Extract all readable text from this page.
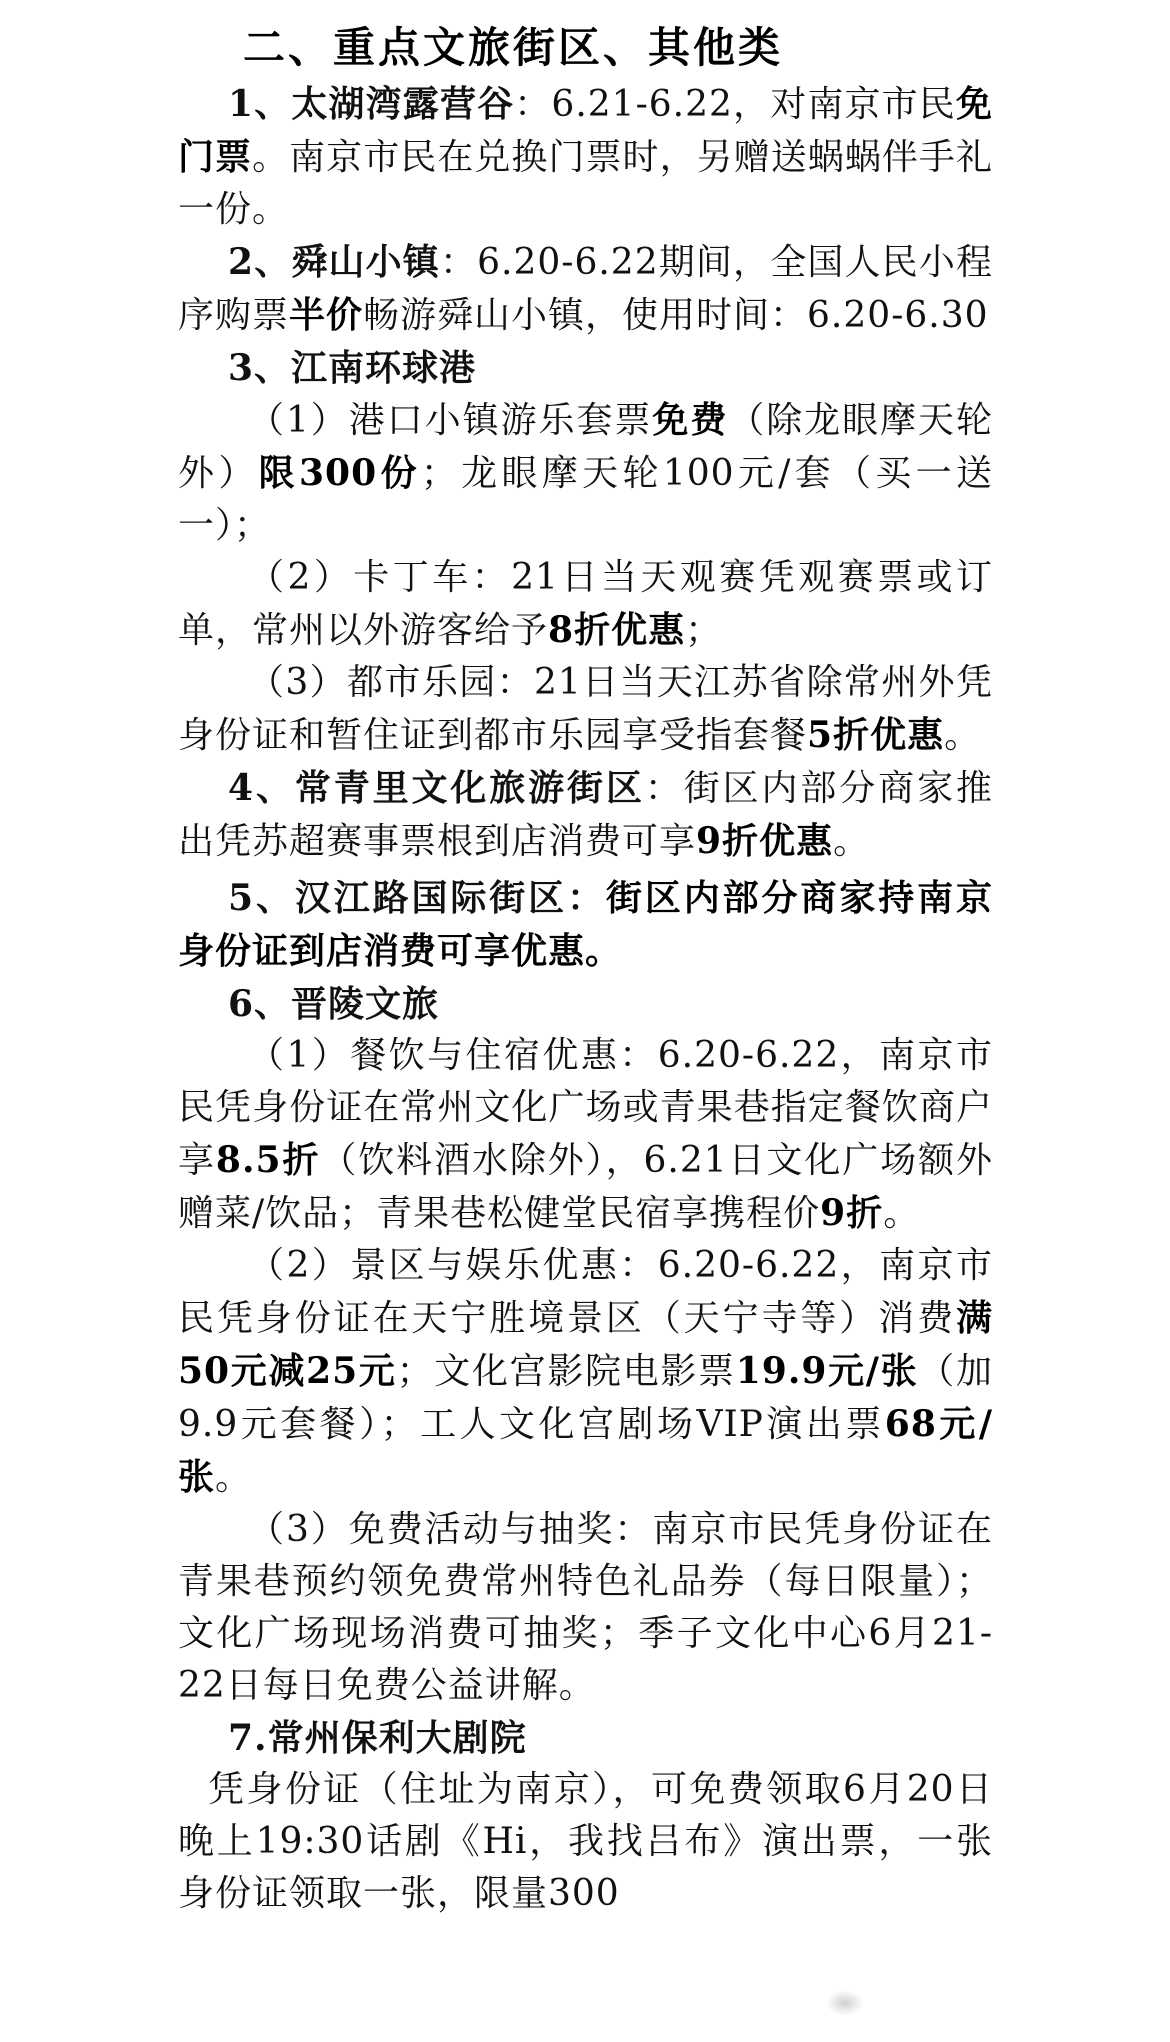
二、重点文旅街区、其他类

1、太湖湾露营谷：6.21-6.22，对南京市民免门票。南京市民在兑换门票时，另赠送蜗蜗伴手礼一份。

2、舜山小镇：6.20-6.22期间，全国人民小程序购票半价畅游舜山小镇，使用时间：6.20-6.30

3、江南环球港

（1）港口小镇游乐套票免费（除龙眼摩天轮外）限300份；龙眼摩天轮100元/套（买一送一）；

（2）卡丁车：21日当天观赛凭观赛票或订单，常州以外游客给予8折优惠；

（3）都市乐园：21日当天江苏省除常州外凭身份证和暂住证到都市乐园享受指套餐5折优惠。

4、常青里文化旅游街区：街区内部分商家推出凭苏超赛事票根到店消费可享9折优惠。

5、汉江路国际街区：街区内部分商家持南京身份证到店消费可享优惠。

6、晋陵文旅

（1）餐饮与住宿优惠：6.20-6.22，南京市民凭身份证在常州文化广场或青果巷指定餐饮商户享8.5折（饮料酒水除外），6.21日文化广场额外赠菜/饮品；青果巷松健堂民宿享携程价9折。

（2）景区与娱乐优惠：6.20-6.22，南京市民凭身份证在天宁胜境景区（天宁寺等）消费满50元减25元；文化宫影院电影票19.9元/张（加9.9元套餐）；工人文化宫剧场VIP演出票68元/张。

（3）免费活动与抽奖：南京市民凭身份证在青果巷预约领免费常州特色礼品券（每日限量）；文化广场现场消费可抽奖；季子文化中心6月21-22日每日免费公益讲解。

7.常州保利大剧院

凭身份证（住址为南京），可免费领取6月20日晚上19:30话剧《Hi，我找吕布》演出票，一张身份证领取一张，限量300
